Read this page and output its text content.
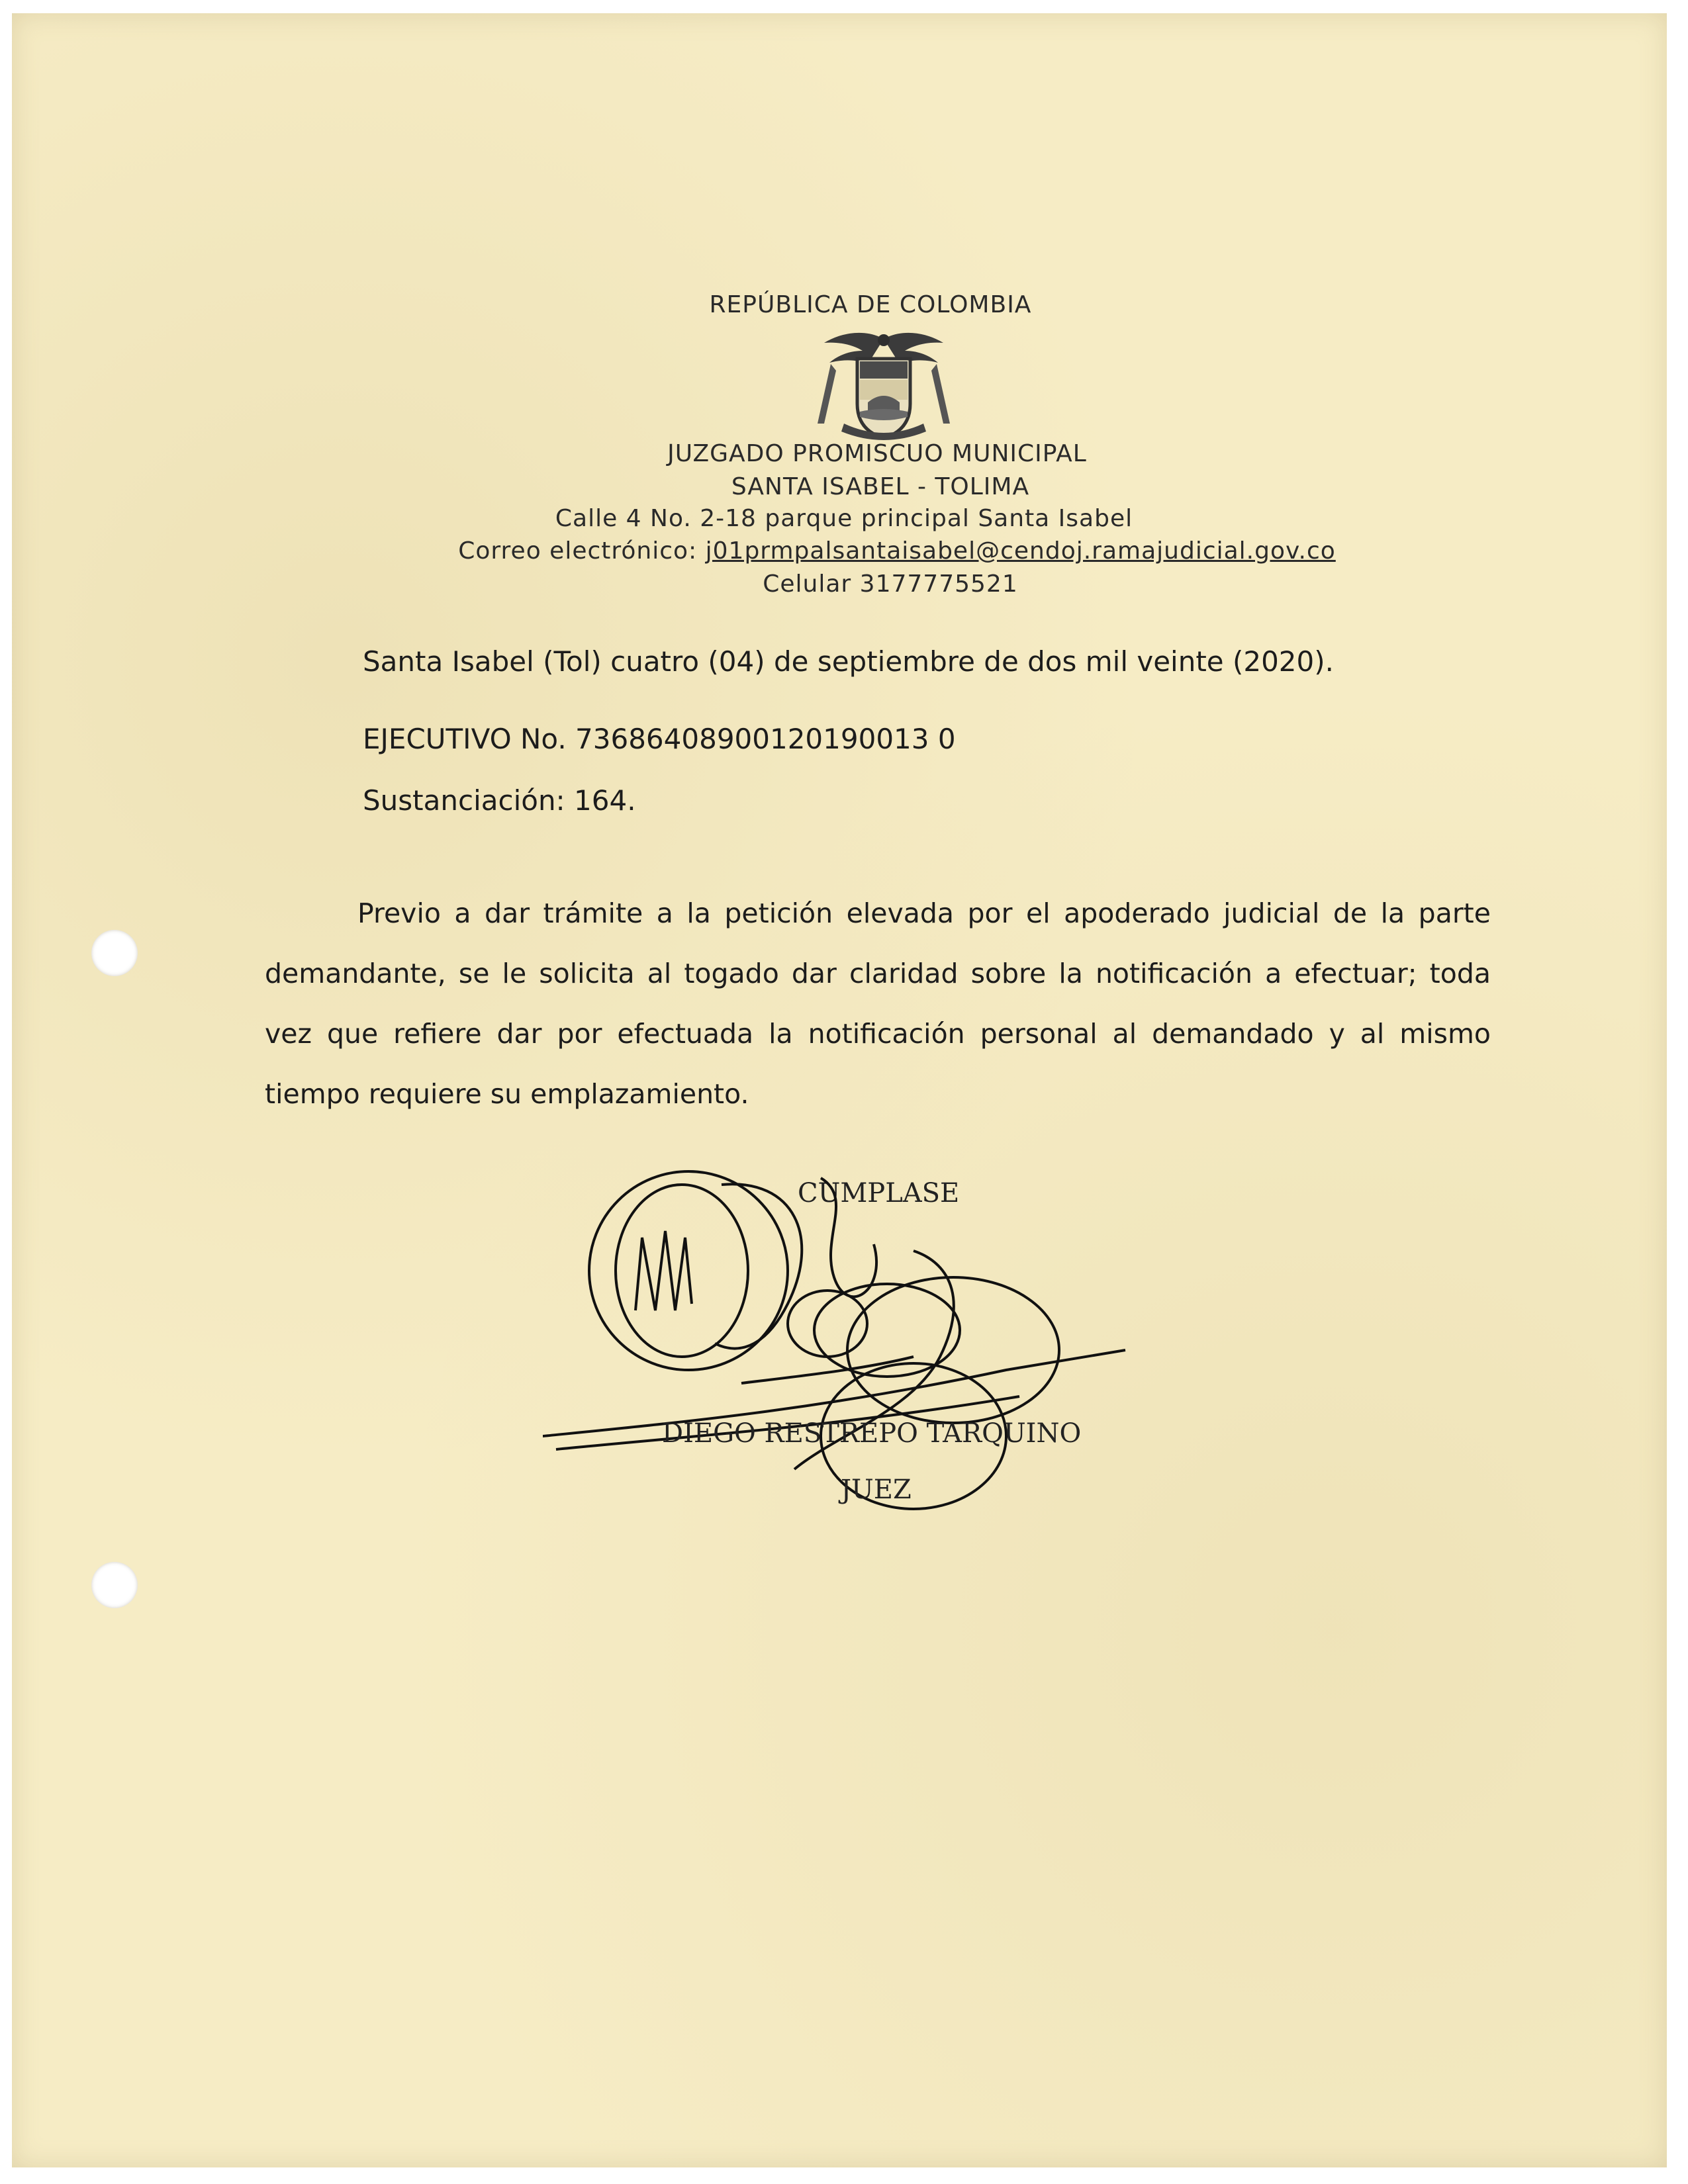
REPÚBLICA DE COLOMBIA
JUZGADO PROMISCUO MUNICIPAL
SANTA ISABEL - TOLIMA
Calle 4 No. 2-18 parque principal Santa Isabel
Correo electrónico: j01prmpalsantaisabel@cendoj.ramajudicial.gov.co
Celular 3177775521
Santa Isabel (Tol) cuatro (04) de septiembre de dos mil veinte (2020).
EJECUTIVO No. 73686408900120190013 0
Sustanciación: 164.
Previo a dar trámite a la petición elevada por el apoderado judicial de la parte demandante, se le solicita al togado dar claridad sobre la notificación a efectuar; toda vez que refiere dar por efectuada la notificación personal al demandado y al mismo tiempo requiere su emplazamiento.
CUMPLASE
DIEGO RESTREPO TARQUINO
JUEZ
